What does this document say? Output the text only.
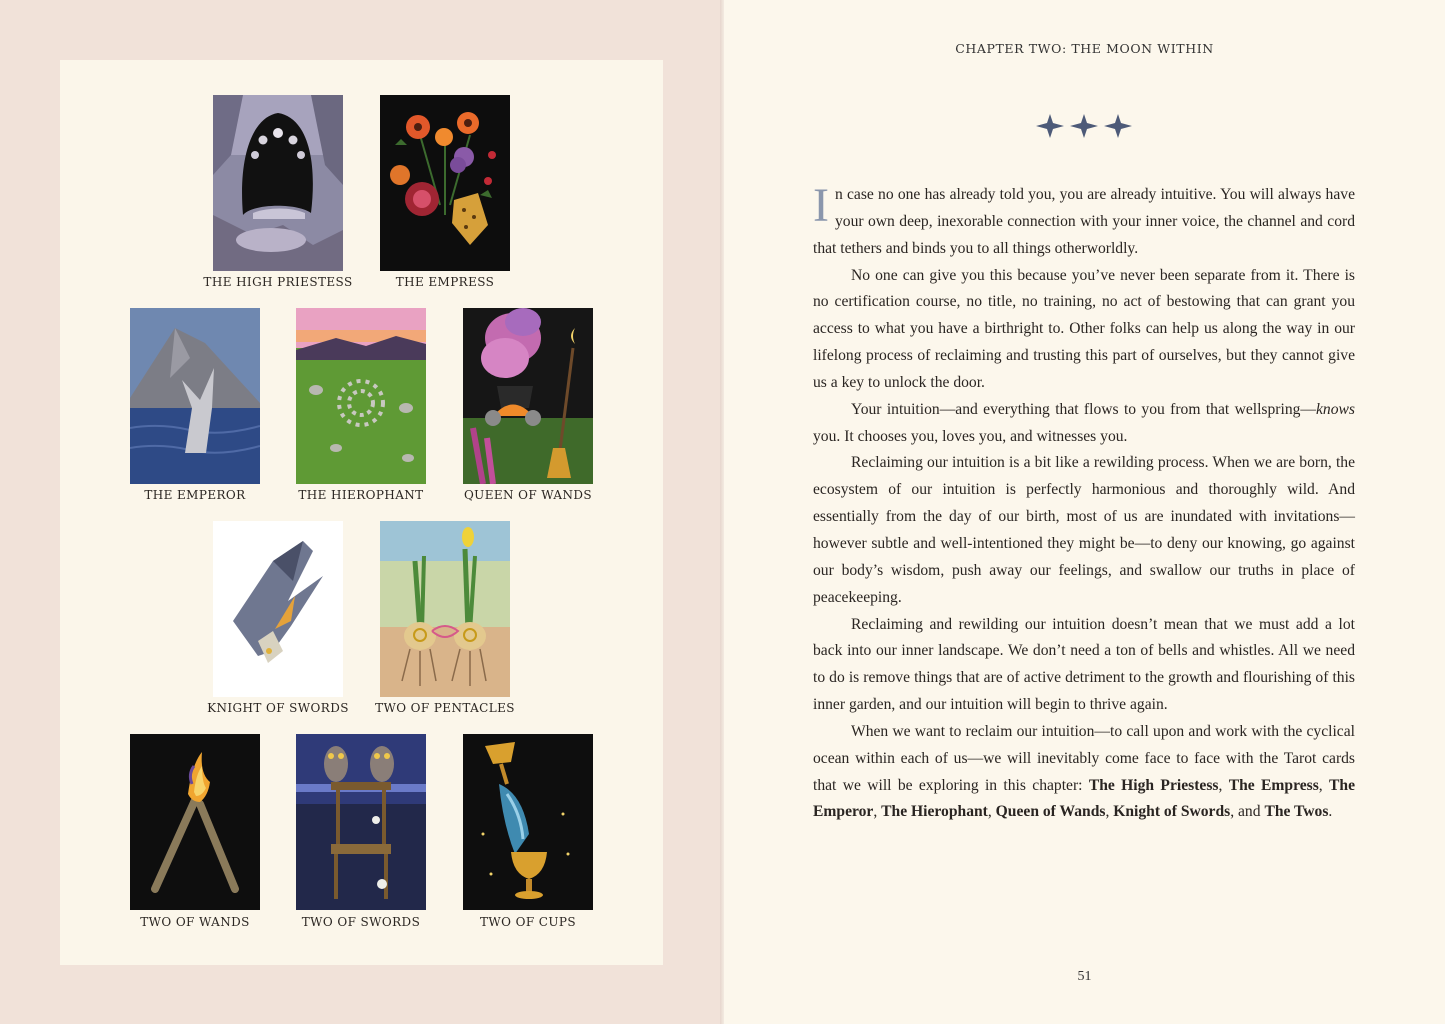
THE HIGH PRIESTESS	THE EMPRESS
THE EMPEROR	THE HIEROPHANT	QUEEN OF WANDS
KNIGHT OF SWORDS	TWO OF PENTACLES
TWO OF WANDS	TWO OF SWORDS	TWO OF CUPS
CHAPTER TWO: THE MOON WITHIN

In case no one has already told you, you are already intuitive. You will always have your own deep, inexorable connection with your inner voice, the channel and cord that tethers and binds you to all things otherworldly.

No one can give you this because you’ve never been separate from it. There is no certification course, no title, no training, no act of bestowing that can grant you access to what you have a birthright to. Other folks can help us along the way in our lifelong process of reclaiming and trusting this part of ourselves, but they cannot give us a key to unlock the door.

Your intuition—and everything that flows to you from that wellspring—knows you. It chooses you, loves you, and witnesses you.

Reclaiming our intuition is a bit like a rewilding process. When we are born, the ecosystem of our intuition is perfectly harmonious and thoroughly wild. And essentially from the day of our birth, most of us are inundated with invitations—however subtle and well-intentioned they might be—to deny our knowing, go against our body’s wisdom, push away our feelings, and swallow our truths in place of peacekeeping.

Reclaiming and rewilding our intuition doesn’t mean that we must add a lot back into our inner landscape. We don’t need a ton of bells and whistles. All we need to do is remove things that are of active detriment to the growth and flourishing of this inner garden, and our intuition will begin to thrive again.

When we want to reclaim our intuition—to call upon and work with the cyclical ocean within each of us—we will inevitably come face to face with the Tarot cards that we will be exploring in this chapter: The High Priestess, The Empress, The Emperor, The Hierophant, Queen of Wands, Knight of Swords, and The Twos.

51
